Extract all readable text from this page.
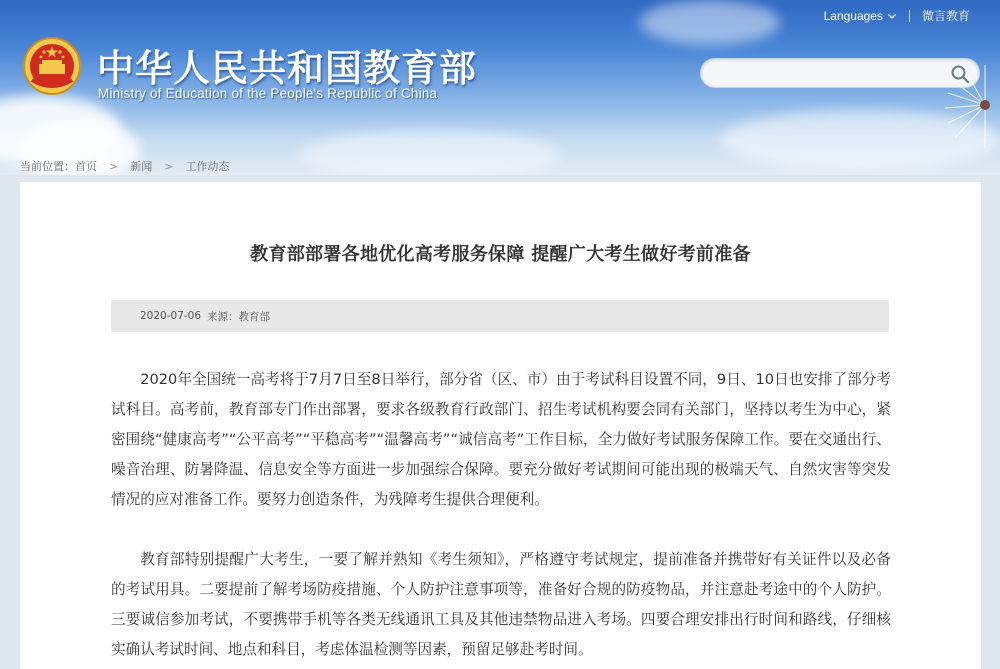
中华人民共和国教育部
Ministry of Education of the People's Republic of China
Languages	微言教育
当前位置： 首页 > 新闻 > 工作动态
教育部部署各地优化高考服务保障 提醒广大考生做好考前准备
2020-07-06 来源：教育部

2020年全国统一高考将于7月7日至8日举行，部分省（区、市）由于考试科目设置不同，9日、10日也安排了部分考试科目。高考前，教育部专门作出部署，要求各级教育行政部门、招生考试机构要会同有关部门，坚持以考生为中心，紧密围绕“健康高考”“公平高考”“平稳高考”“温馨高考”“诚信高考”工作目标，全力做好考试服务保障工作。要在交通出行、噪音治理、防暑降温、信息安全等方面进一步加强综合保障。要充分做好考试期间可能出现的极端天气、自然灾害等突发情况的应对准备工作。要努力创造条件，为残障考生提供合理便利。

教育部特别提醒广大考生，一要了解并熟知《考生须知》，严格遵守考试规定，提前准备并携带好有关证件以及必备的考试用具。二要提前了解考场防疫措施、个人防护注意事项等，准备好合规的防疫物品，并注意赴考途中的个人防护。三要诚信参加考试，不要携带手机等各类无线通讯工具及其他违禁物品进入考场。四要合理安排出行时间和路线，仔细核实确认考试时间、地点和科目，考虑体温检测等因素，预留足够赴考时间。
